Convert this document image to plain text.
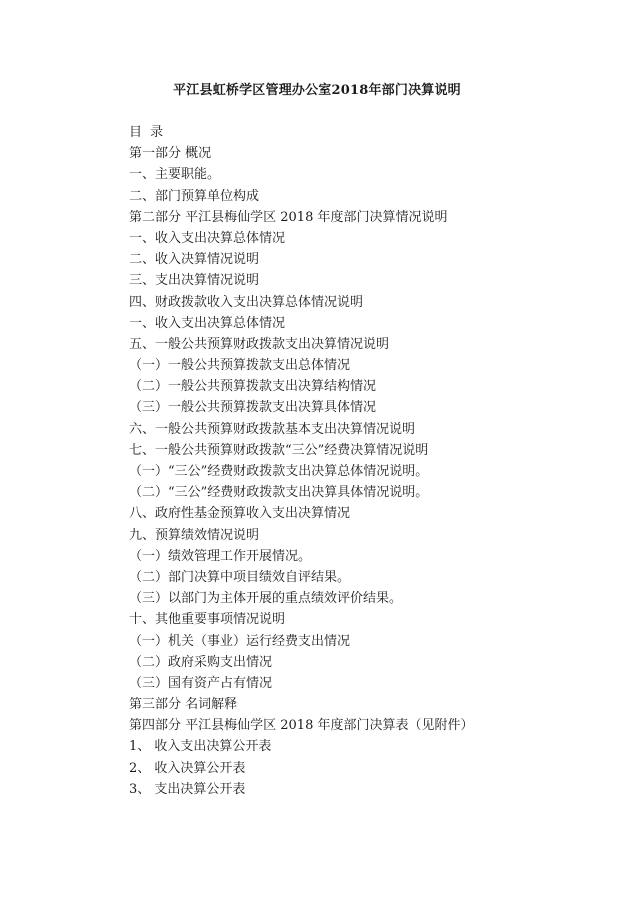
平江县虹桥学区管理办公室2018年部门决算说明
目 录
第一部分 概况
一、主要职能。
二、部门预算单位构成
第二部分 平江县梅仙学区 2018 年度部门决算情况说明
一、收入支出决算总体情况
二、收入决算情况说明
三、支出决算情况说明
四、财政拨款收入支出决算总体情况说明
一、收入支出决算总体情况
五、一般公共预算财政拨款支出决算情况说明
（一）一般公共预算拨款支出总体情况
（二）一般公共预算拨款支出决算结构情况
（三）一般公共预算拨款支出决算具体情况
六、一般公共预算财政拨款基本支出决算情况说明
七、一般公共预算财政拨款“三公”经费决算情况说明
（一）“三公”经费财政拨款支出决算总体情况说明。
（二）“三公”经费财政拨款支出决算具体情况说明。
八、政府性基金预算收入支出决算情况
九、预算绩效情况说明
（一）绩效管理工作开展情况。
（二）部门决算中项目绩效自评结果。
（三）以部门为主体开展的重点绩效评价结果。
十、其他重要事项情况说明
（一）机关（事业）运行经费支出情况
（二）政府采购支出情况
（三）国有资产占有情况
第三部分 名词解释
第四部分 平江县梅仙学区 2018 年度部门决算表（见附件）
1、 收入支出决算公开表
2、 收入决算公开表
3、 支出决算公开表
